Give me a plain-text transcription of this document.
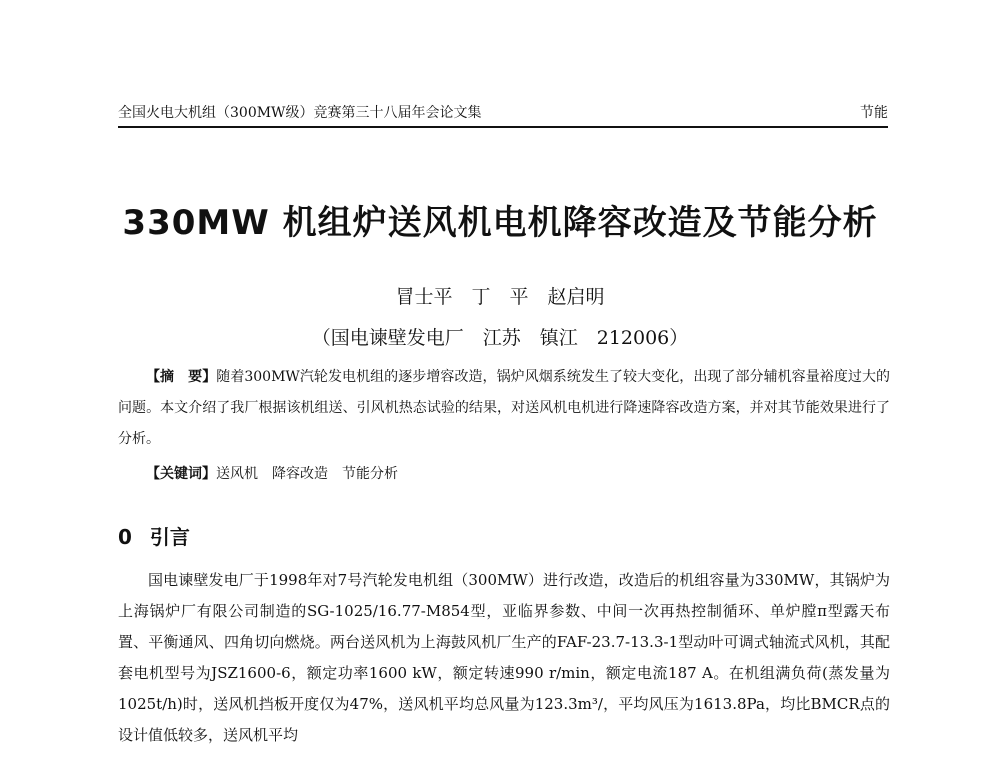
全国火电大机组（300MW级）竞赛第三十八届年会论文集	节能
330MW 机组炉送风机电机降容改造及节能分析
冒士平　丁　平　赵启明
（国电谏壁发电厂　江苏　镇江　212006）
【摘　要】随着300MW汽轮发电机组的逐步增容改造，锅炉风烟系统发生了较大变化，出现了部分辅机容量裕度过大的问题。本文介绍了我厂根据该机组送、引风机热态试验的结果，对送风机电机进行降速降容改造方案，并对其节能效果进行了分析。
【关键词】送风机　降容改造　节能分析
0 引言
国电谏壁发电厂于1998年对7号汽轮发电机组（300MW）进行改造，改造后的机组容量为330MW，其锅炉为上海锅炉厂有限公司制造的SG-1025/16.77-M854型，亚临界参数、中间一次再热控制循环、单炉膛π型露天布置、平衡通风、四角切向燃烧。两台送风机为上海鼓风机厂生产的FAF-23.7-13.3-1型动叶可调式轴流式风机，其配套电机型号为JSZ1600-6，额定功率1600 kW，额定转速990 r/min，额定电流187 A。在机组满负荷(蒸发量为1025t/h)时，送风机挡板开度仅为47%，送风机平均总风量为123.3m³/，平均风压为1613.8Pa，均比BMCR点的设计值低较多，送风机平均
